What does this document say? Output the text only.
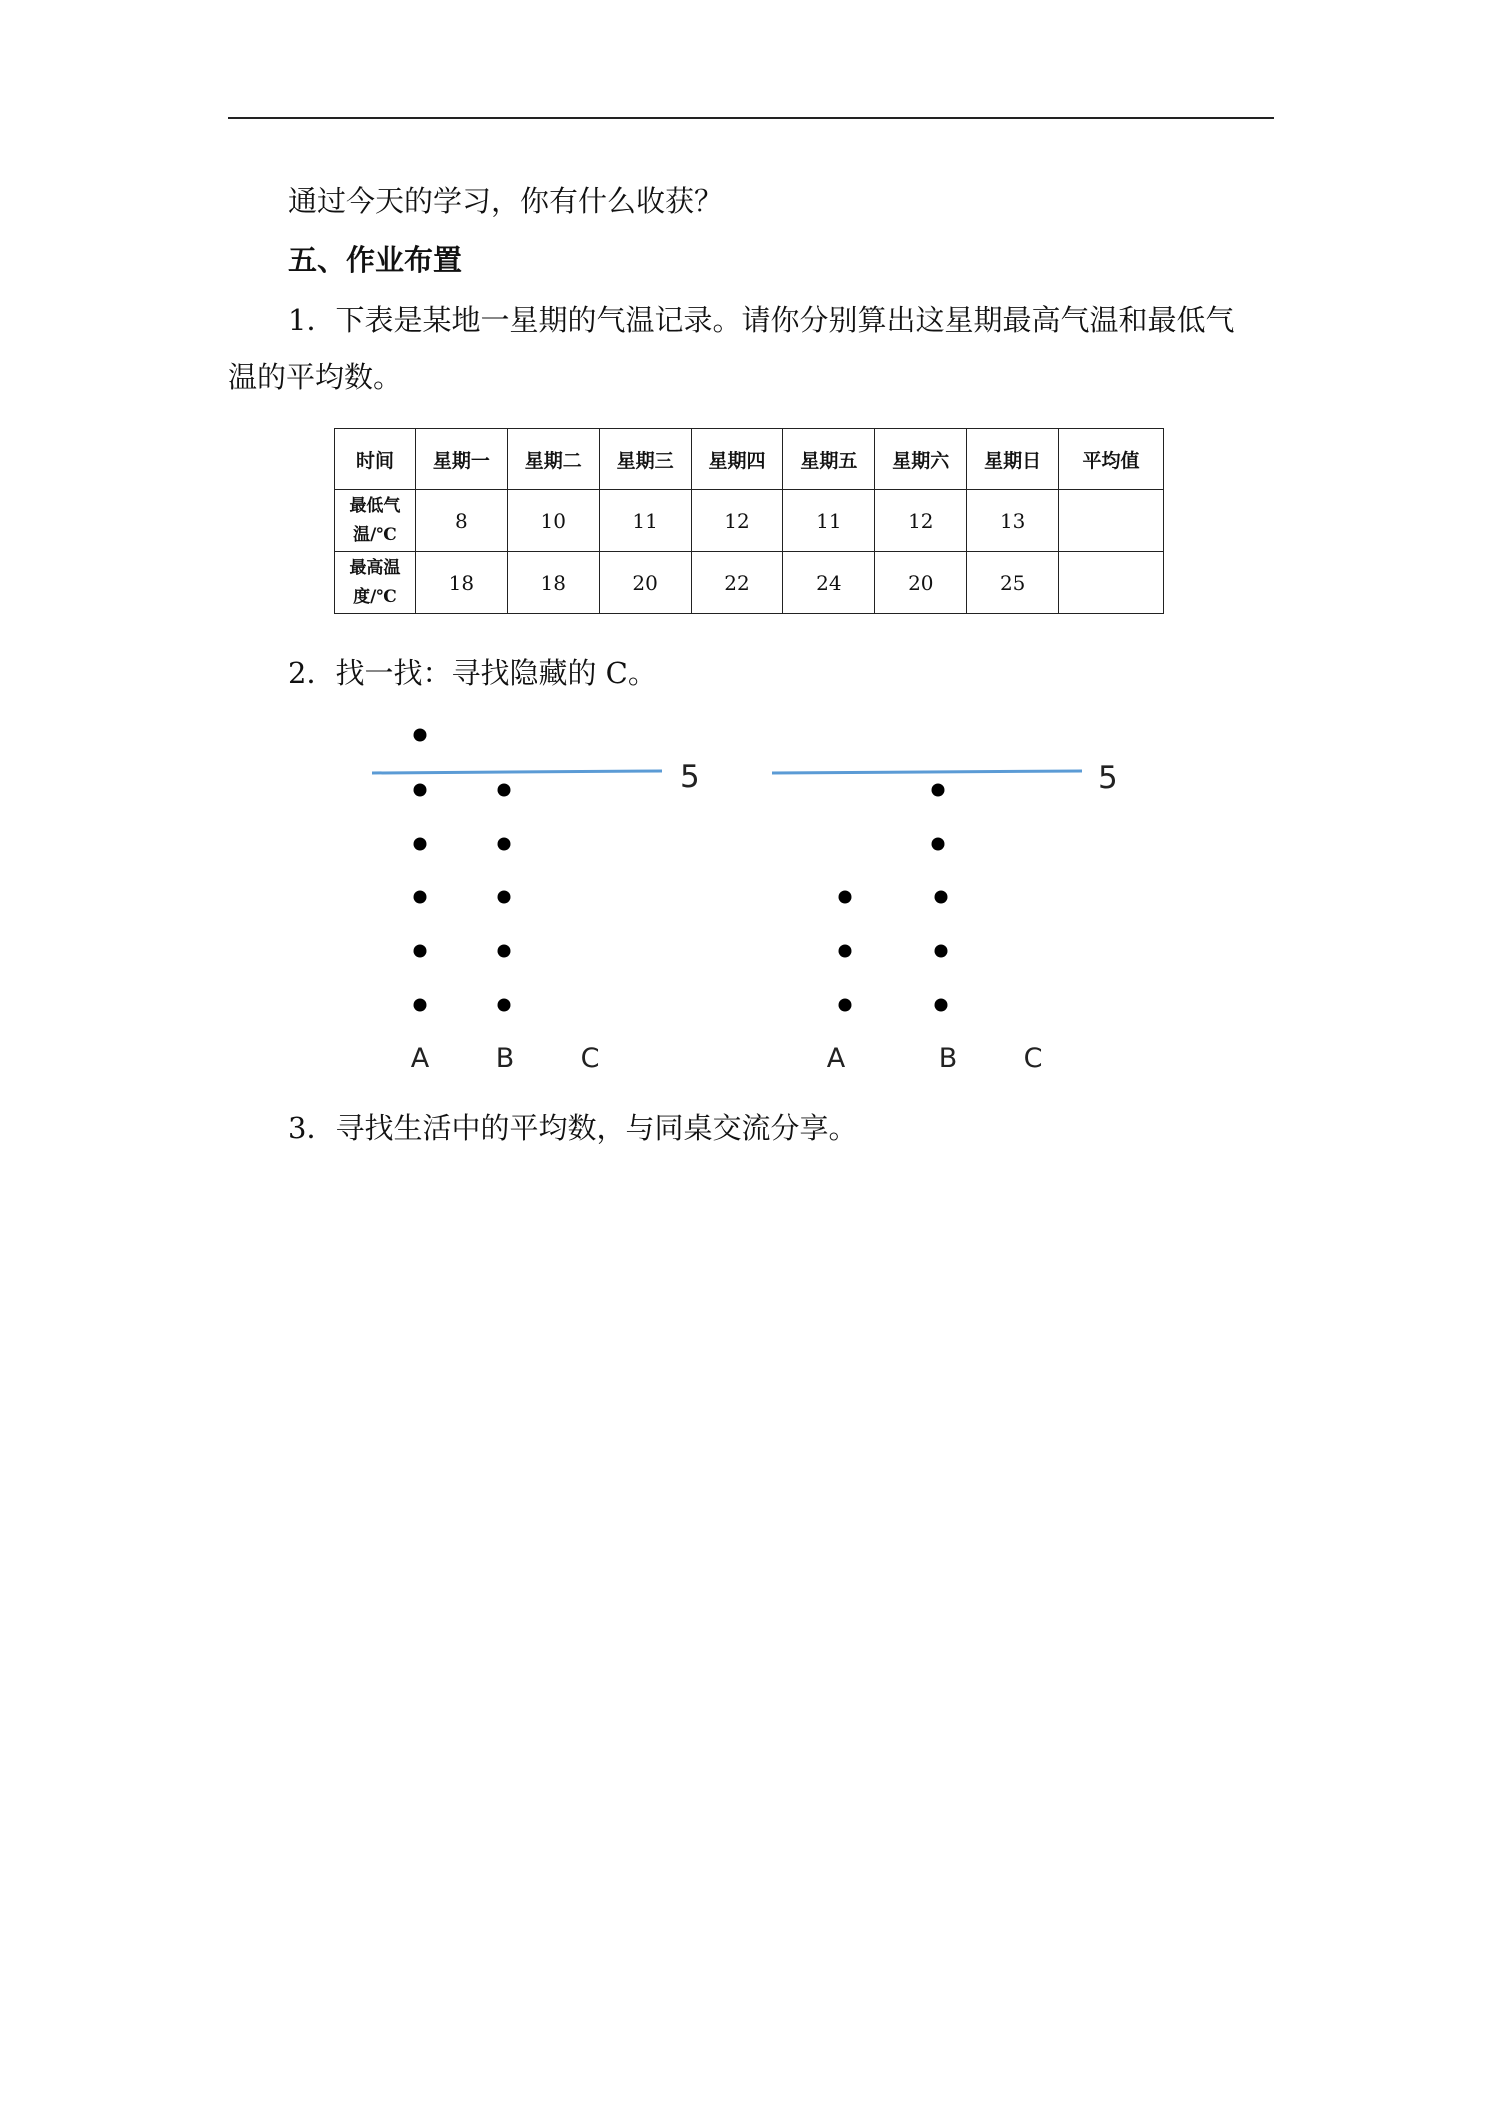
通过今天的学习，你有什么收获？
五、作业布置
1．下表是某地一星期的气温记录。请你分别算出这星期最高气温和最低气
温的平均数。
时间	星期一	星期二	星期三	星期四	星期五	星期六	星期日	平均值

最低气
温/℃	8	10	11	12	11	12	13	

最高温
度/℃	18	18	20	22	24	20	25	
2．找一找：寻找隐藏的 C。
5
A B C
5
A	B C
3．寻找生活中的平均数，与同桌交流分享。
